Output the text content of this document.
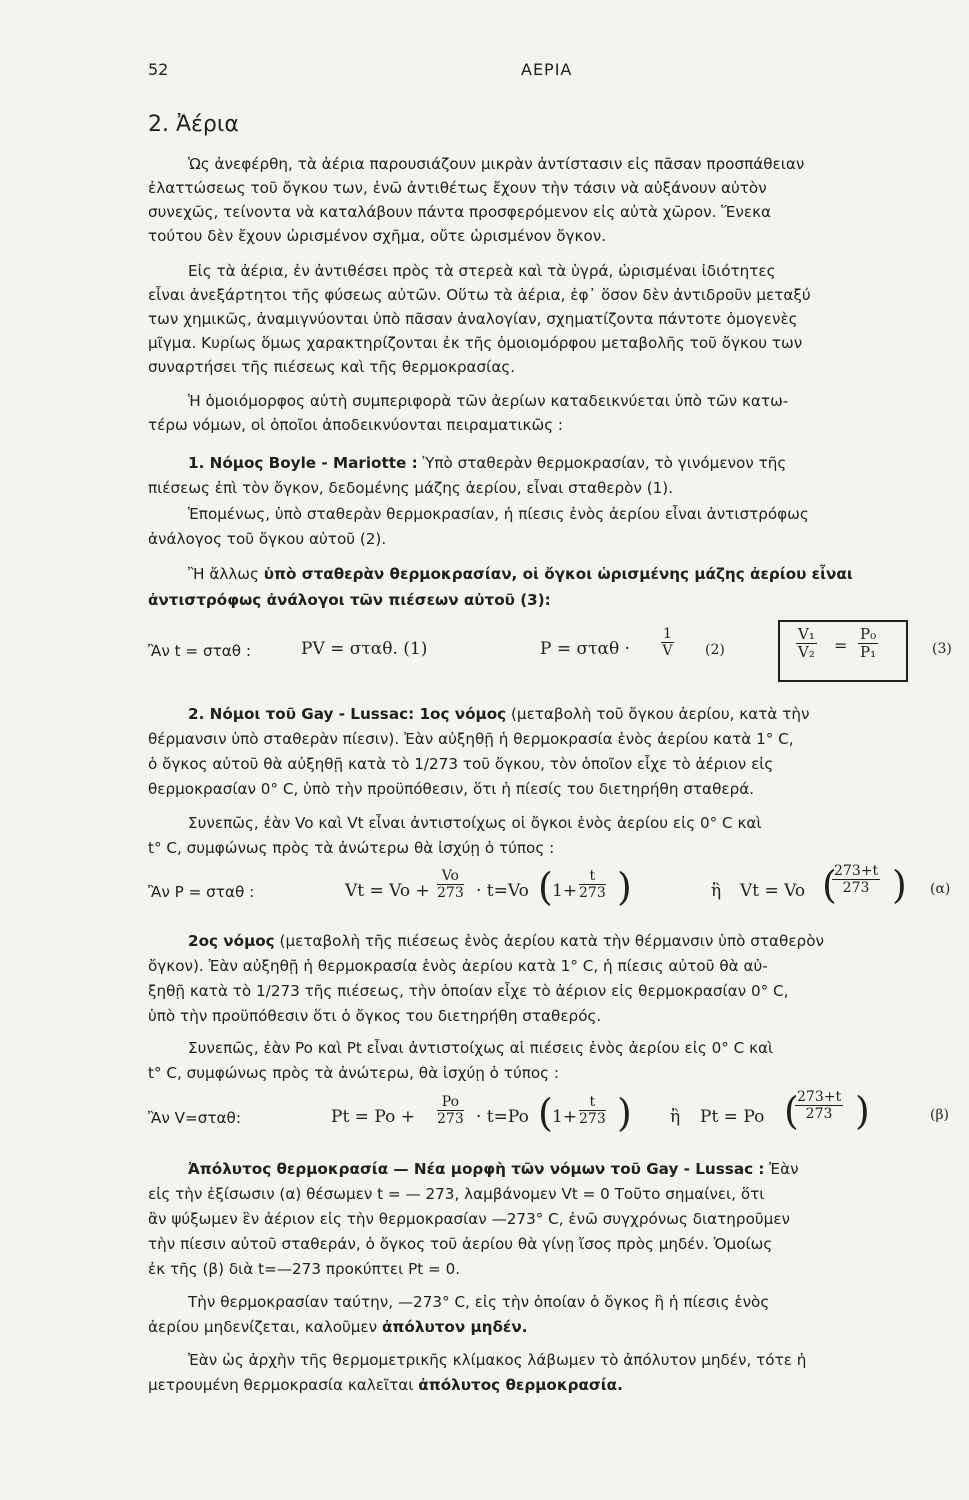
52	ΑΕΡΙΑ
2. Ἀέρια
Ὡς ἀνεφέρθη, τὰ ἀέρια παρουσιάζουν μικρὰν ἀντίστασιν εἰς πᾶσαν προσπάθειαν
ἐλαττώσεως τοῦ ὄγκου των, ἐνῶ ἀντιθέτως ἔχουν τὴν τάσιν νὰ αὐξάνουν αὐτὸν
συνεχῶς, τείνοντα νὰ καταλάβουν πάντα προσφερόμενον εἰς αὐτὰ χῶρον. Ἕνεκα
τούτου δὲν ἔχουν ὡρισμένον σχῆμα, οὔτε ὡρισμένον ὄγκον.
Εἰς τὰ ἀέρια, ἐν ἀντιθέσει πρὸς τὰ στερεὰ καὶ τὰ ὑγρά, ὡρισμέναι ἰδιότητες
εἶναι ἀνεξάρτητοι τῆς φύσεως αὐτῶν. Οὕτω τὰ ἀέρια, ἐφ᾽ ὅσον δὲν ἀντιδροῦν μεταξύ
των χημικῶς, ἀναμιγνύονται ὑπὸ πᾶσαν ἀναλογίαν, σχηματίζοντα πάντοτε ὁμογενὲς
μῖγμα. Κυρίως ὅμως χαρακτηρίζονται ἐκ τῆς ὁμοιομόρφου μεταβολῆς τοῦ ὄγκου των
συναρτήσει τῆς πιέσεως καὶ τῆς θερμοκρασίας.
Ἡ ὁμοιόμορφος αὐτὴ συμπεριφορὰ τῶν ἀερίων καταδεικνύεται ὑπὸ τῶν κατω-
τέρω νόμων, οἱ ὁποῖοι ἀποδεικνύονται πειραματικῶς :
1. Νόμος Boyle - Mariotte : Ὑπὸ σταθερὰν θερμοκρασίαν, τὸ γινόμενον τῆς
πιέσεως ἐπὶ τὸν ὄγκον, δεδομένης μάζης ἀερίου, εἶναι σταθερὸν (1).
Ἑπομένως, ὑπὸ σταθερὰν θερμοκρασίαν, ἡ πίεσις ἑνὸς ἀερίου εἶναι ἀντιστρόφως
ἀνάλογος τοῦ ὄγκου αὐτοῦ (2).
Ἢ ἄλλως ὑπὸ σταθερὰν θερμοκρασίαν, οἱ ὄγκοι ὡρισμένης μάζης ἀερίου εἶναι
ἀντιστρόφως ἀνάλογοι τῶν πιέσεων αὐτοῦ (3):
Ἂν t = σταθ :	PV = σταθ. (1)	$P = \sigma\tau\alpha\theta \cdot \frac{1}{V} (2)$	$\frac{\text{V₁}}{\text{V₂}} = \frac{\text{P₀}}{\text{P₁}}$	(3)
2. Νόμοι τοῦ Gay - Lussac: 1ος νόμος (μεταβολὴ τοῦ ὄγκου ἀερίου, κατὰ τὴν
θέρμανσιν ὑπὸ σταθερὰν πίεσιν). Ἐὰν αὐξηθῇ ἡ θερμοκρασία ἑνὸς ἀερίου κατὰ 1° C,
ὁ ὄγκος αὐτοῦ θὰ αὐξηθῇ κατὰ τὸ 1/273 τοῦ ὄγκου, τὸν ὁποῖον εἶχε τὸ ἀέριον εἰς
θερμοκρασίαν 0° C, ὑπὸ τὴν προϋπόθεσιν, ὅτι ἡ πίεσίς του διετηρήθη σταθερά.
Συνεπῶς, ἐὰν Vo καὶ Vt εἶναι ἀντιστοίχως οἱ ὄγκοι ἑνὸς ἀερίου εἰς 0° C καὶ
t° C, συμφώνως πρὸς τὰ ἀνώτερω θὰ ἰσχύῃ ὁ τύπος :
Ἂν P = σταθ :	$Vt = Vo + \frac{Vo}{273} \cdot t=Vo$ ( $1+ \frac{t}{273}$ )	ἢ Vt = Vo (
$\frac{273+t}{273}$ ) (α)
2ος νόμος (μεταβολὴ τῆς πιέσεως ἑνὸς ἀερίου κατὰ τὴν θέρμανσιν ὑπὸ σταθερὸν
ὄγκον). Ἐὰν αὐξηθῇ ἡ θερμοκρασία ἑνὸς ἀερίου κατὰ 1° C, ἡ πίεσις αὐτοῦ θὰ αὐ-
ξηθῇ κατὰ τὸ 1/273 τῆς πιέσεως, τὴν ὁποίαν εἶχε τὸ ἀέριον εἰς θερμοκρασίαν 0° C,
ὑπὸ τὴν προϋπόθεσιν ὅτι ὁ ὄγκος του διετηρήθη σταθερός.
Συνεπῶς, ἐὰν Po καὶ Pt εἶναι ἀντιστοίχως αἱ πιέσεις ἑνὸς ἀερίου εἰς 0° C καὶ
t° C, συμφώνως πρὸς τὰ ἀνώτερω, θὰ ἰσχύῃ ὁ τύπος :
Ἂν V=σταθ:	$Pt = Po + \frac{Po}{273} \cdot t=Po$ ( $1+ \frac{t}{273}$ ) ἢ Pt = Po (
$\frac{273+t}{273}$ )	(β)
Ἀπόλυτος θερμοκρασία — Νέα μορφὴ τῶν νόμων τοῦ Gay - Lussac : Ἐὰν
εἰς τὴν ἐξίσωσιν (α) θέσωμεν t = — 273, λαμβάνομεν Vt = 0 Τοῦτο σημαίνει, ὅτι
ἂν ψύξωμεν ἓν ἀέριον εἰς τὴν θερμοκρασίαν —273° C, ἐνῶ συγχρόνως διατηροῦμεν
τὴν πίεσιν αὐτοῦ σταθεράν, ὁ ὄγκος τοῦ ἀερίου θὰ γίνῃ ἴσος πρὸς μηδέν. Ὁμοίως
ἐκ τῆς (β) διὰ t=—273 προκύπτει Pt = 0.
Τὴν θερμοκρασίαν ταύτην, —273° C, εἰς τὴν ὁποίαν ὁ ὄγκος ἢ ἡ πίεσις ἑνὸς
ἀερίου μηδενίζεται, καλοῦμεν ἀπόλυτον μηδέν.
Ἐὰν ὡς ἀρχὴν τῆς θερμομετρικῆς κλίμακος λάβωμεν τὸ ἀπόλυτον μηδέν, τότε ἡ
μετρουμένη θερμοκρασία καλεῖται ἀπόλυτος θερμοκρασία.
